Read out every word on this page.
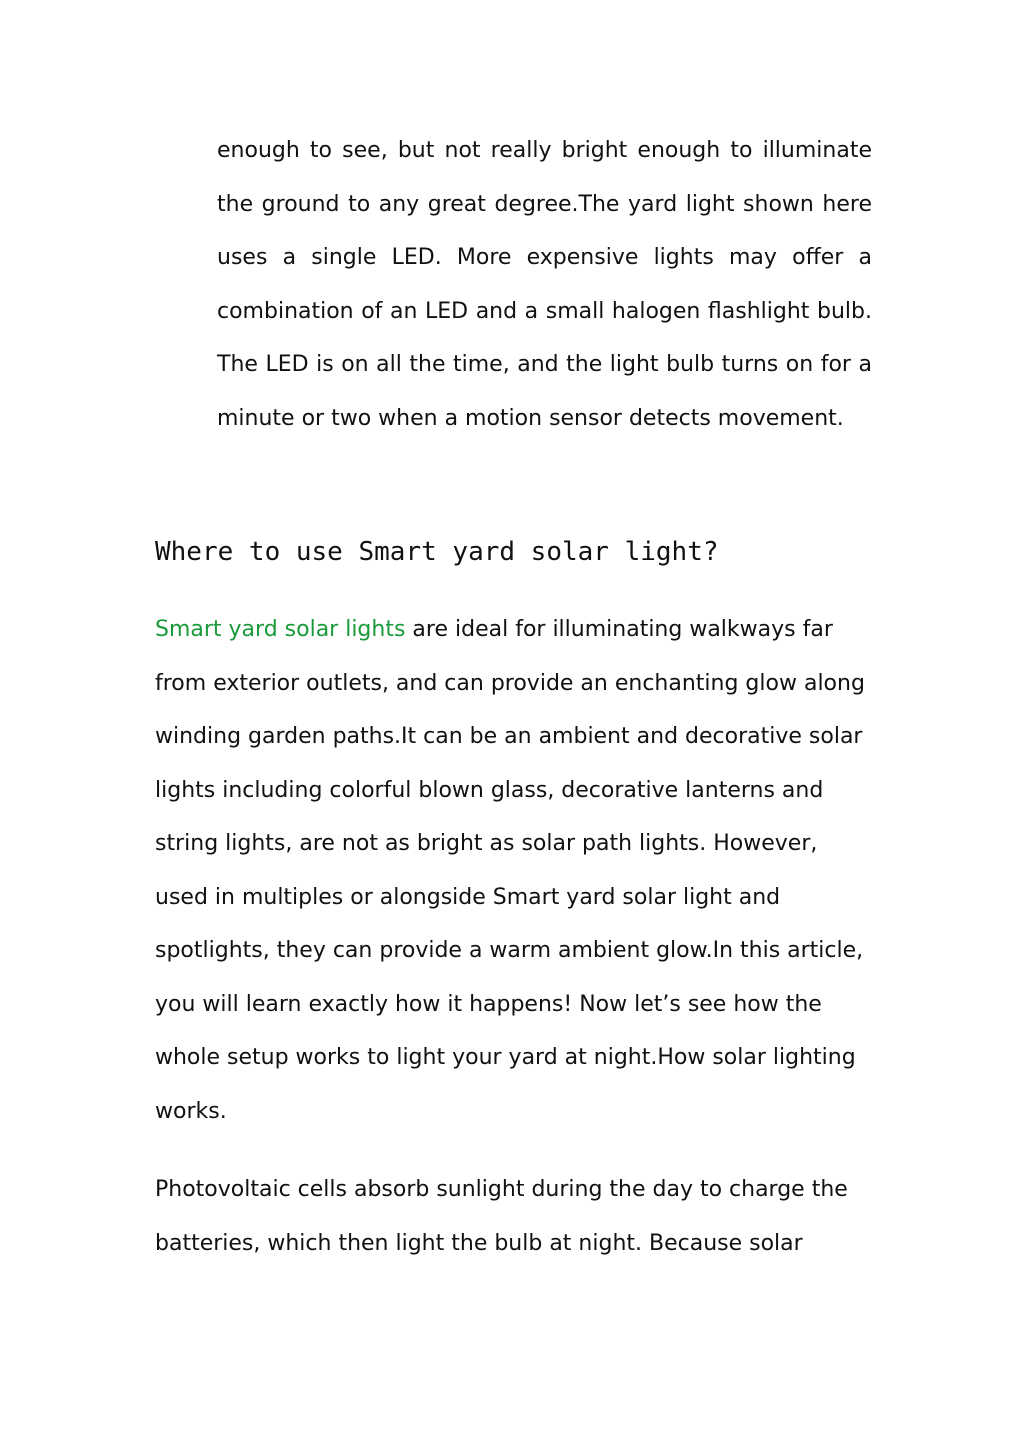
enough to see, but not really bright enough to illuminate the ground to any great degree.The yard light shown here uses a single LED. More expensive lights may offer a combination of an LED and a small halogen flashlight bulb. The LED is on all the time, and the light bulb turns on for a minute or two when a motion sensor detects movement.

Where to use Smart yard solar light?

Smart yard solar lights are ideal for illuminating walkways far from exterior outlets, and can provide an enchanting glow along winding garden paths.It can be an ambient and decorative solar lights including colorful blown glass, decorative lanterns and string lights, are not as bright as solar path lights. However, used in multiples or alongside Smart yard solar light and spotlights, they can provide a warm ambient glow.In this article, you will learn exactly how it happens! Now let’s see how the whole setup works to light your yard at night.How solar lighting works.

Photovoltaic cells absorb sunlight during the day to charge the batteries, which then light the bulb at night. Because solar
